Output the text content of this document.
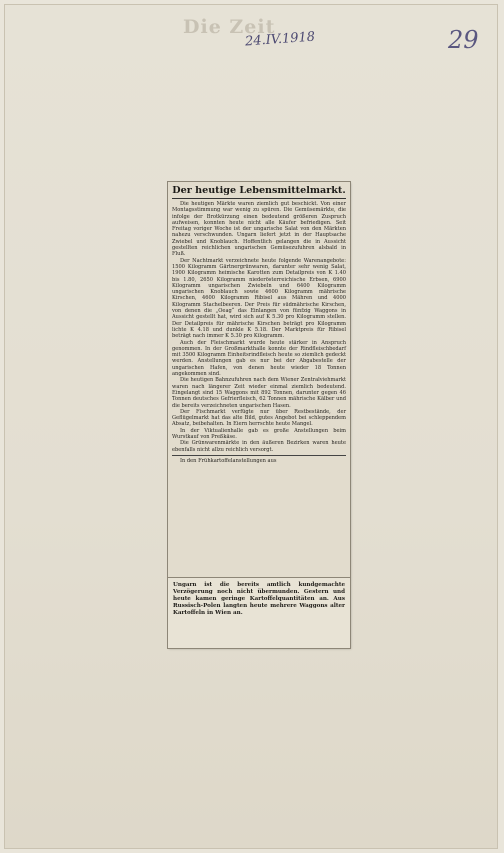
Die Zeit
24.IV.1918	29
Der heutige Lebensmittelmarkt.

Die heutigen Märkte waren ziemlich gut beschickt. Von einer Montagsstimmung war wenig zu spüren. Die Gemüsemärkte, die infolge der Brotkürzung einen bedeutend größeren Zuspruch aufweisen, konnten heute nicht alle Käufer befriedigen. Seit Freitag voriger Woche ist der ungarische Salat von den Märkten nahezu verschwunden. Ungarn liefert jetzt in der Hauptsache Zwiebel und Knoblauch. Hoffentlich gelangen die in Aussicht gestellten reichlichen ungarischen Gemüsezufuhren alsbald in Fluß.

Der Nachtmarkt verzeichnete heute folgende Warenangebote: 1500 Kilogramm Gärtnergrünwaren, darunter sehr wenig Salat, 1900 Kilogramm heimische Karotten zum Detailpreis von K 1.40 bis 1.80, 2650 Kilogramm niederösterreichische Erbsen, 6900 Kilogramm ungarischen Zwiebeln und 6400 Kilogramm ungarischen Knoblauch sowie 4600 Kilogramm mährische Kirschen, 4600 Kilogramm Ribisel aus Mähren und 4000 Kilogramm Stachelbeeren. Der Preis für südmährische Kirschen, von denen die „Oeag“ das Einlangen von fünfzig Waggons in Aussicht gestellt hat, wird sich auf K 5.30 pro Kilogramm stellen. Der Detailpreis für mährische Kirschen beträgt pro Kilogramm lichte K 4.18 und dunkle K 5.18. Der Marktpreis für Ribisel beträgt nach immer K 5.30 pro Kilogramm.

Auch der Fleischmarkt wurde heute stärker in Anspruch genommen. In der Großmarkthalle konnte der Rindfleischbedarf mit 3500 Kilogramm Einheitsrindfleisch heute so ziemlich gedeckt werden. Anstellungen gab es nur bei der Abgabestelle der ungarischen Hafen, von denen heute wieder 18 Tonnen angekommen sind.

Die heutigen Bahnzufuhren nach dem Wiener Zentralviehmarkt waren nach längerer Zeit wieder einmal ziemlich bedeutend. Eingelangt sind 15 Waggons mit 892 Tonnen, darunter gegen 46 Tonnen deutsches Gefrierfleisch, 62 Tonnen mährische Kälber und die bereits verzeichneten ungarischen Hasen.

Der Fischmarkt verfügte nur über Restbestände, der Geflügelmarkt hat das alte Bild, gutes Angebot bei schleppendem Absatz, beibehalten. In Eiern herrschte heute Mangel.

In der Viktualienhalle gab es große Anstellungen beim Wurstkauf von Preßkäse.

Die Grünwarenmärkte in den äußeren Bezirken waren heute ebenfalls nicht allzu reichlich versorgt.

In den Frühkartoffelanstellungen aus

Ungarn ist die bereits amtlich kundgemachte Verzögerung noch nicht übermunden. Gestern und heute kamen geringe Kartoffelquantitäten an. Aus Russisch-Polen langten heute mehrere Waggons alter Kartoffeln in Wien an.
